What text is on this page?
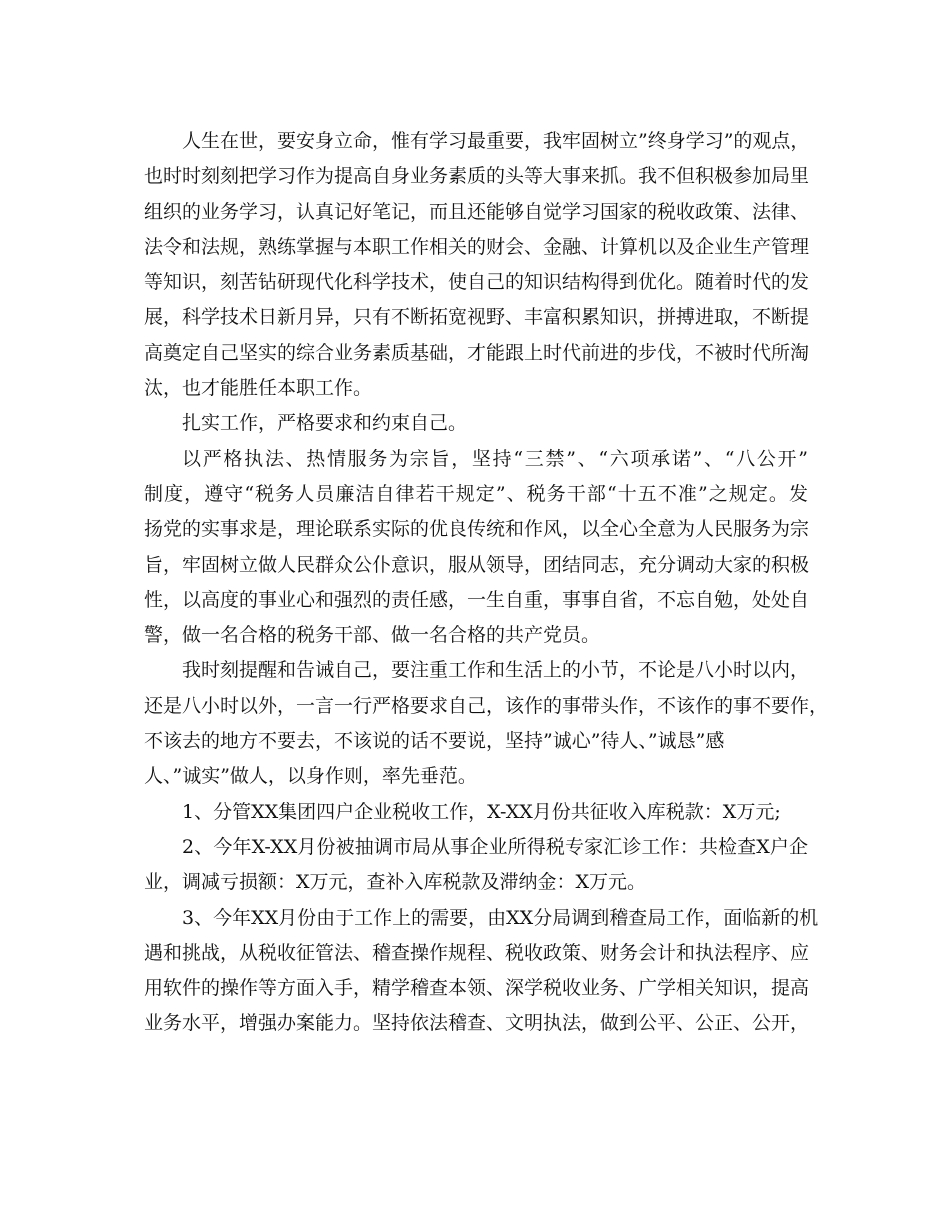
人生在世，要安身立命，惟有学习最重要，我牢固树立”终身学习”的观点，
也时时刻刻把学习作为提高自身业务素质的头等大事来抓。我不但积极参加局里
组织的业务学习，认真记好笔记，而且还能够自觉学习国家的税收政策、法律、
法令和法规，熟练掌握与本职工作相关的财会、金融、计算机以及企业生产管理
等知识，刻苦钻研现代化科学技术，使自己的知识结构得到优化。随着时代的发
展，科学技术日新月异，只有不断拓宽视野、丰富积累知识，拼搏进取，不断提
高奠定自己坚实的综合业务素质基础，才能跟上时代前进的步伐，不被时代所淘
汰，也才能胜任本职工作。
扎实工作，严格要求和约束自己。
以严格执法、热情服务为宗旨，坚持“三禁”、“六项承诺”、“八公开”
制度，遵守“税务人员廉洁自律若干规定”、税务干部“十五不准”之规定。发
扬党的实事求是，理论联系实际的优良传统和作风，以全心全意为人民服务为宗
旨，牢固树立做人民群众公仆意识，服从领导，团结同志，充分调动大家的积极
性，以高度的事业心和强烈的责任感，一生自重，事事自省，不忘自勉，处处自
警，做一名合格的税务干部、做一名合格的共产党员。
我时刻提醒和告诫自己，要注重工作和生活上的小节，不论是八小时以内，
还是八小时以外，一言一行严格要求自己，该作的事带头作，不该作的事不要作，
不该去的地方不要去，不该说的话不要说，坚持”诚心”待人、”诚恳”感
人、”诚实”做人，以身作则，率先垂范。
1、分管XX集团四户企业税收工作，X-XX月份共征收入库税款：X万元;
2、今年X-XX月份被抽调市局从事企业所得税专家汇诊工作：共检查X户企
业，调减亏损额：X万元，查补入库税款及滞纳金：X万元。
3、今年XX月份由于工作上的需要，由XX分局调到稽查局工作，面临新的机
遇和挑战，从税收征管法、稽查操作规程、税收政策、财务会计和执法程序、应
用软件的操作等方面入手，精学稽查本领、深学税收业务、广学相关知识，提高
业务水平，增强办案能力。坚持依法稽查、文明执法，做到公平、公正、公开，
